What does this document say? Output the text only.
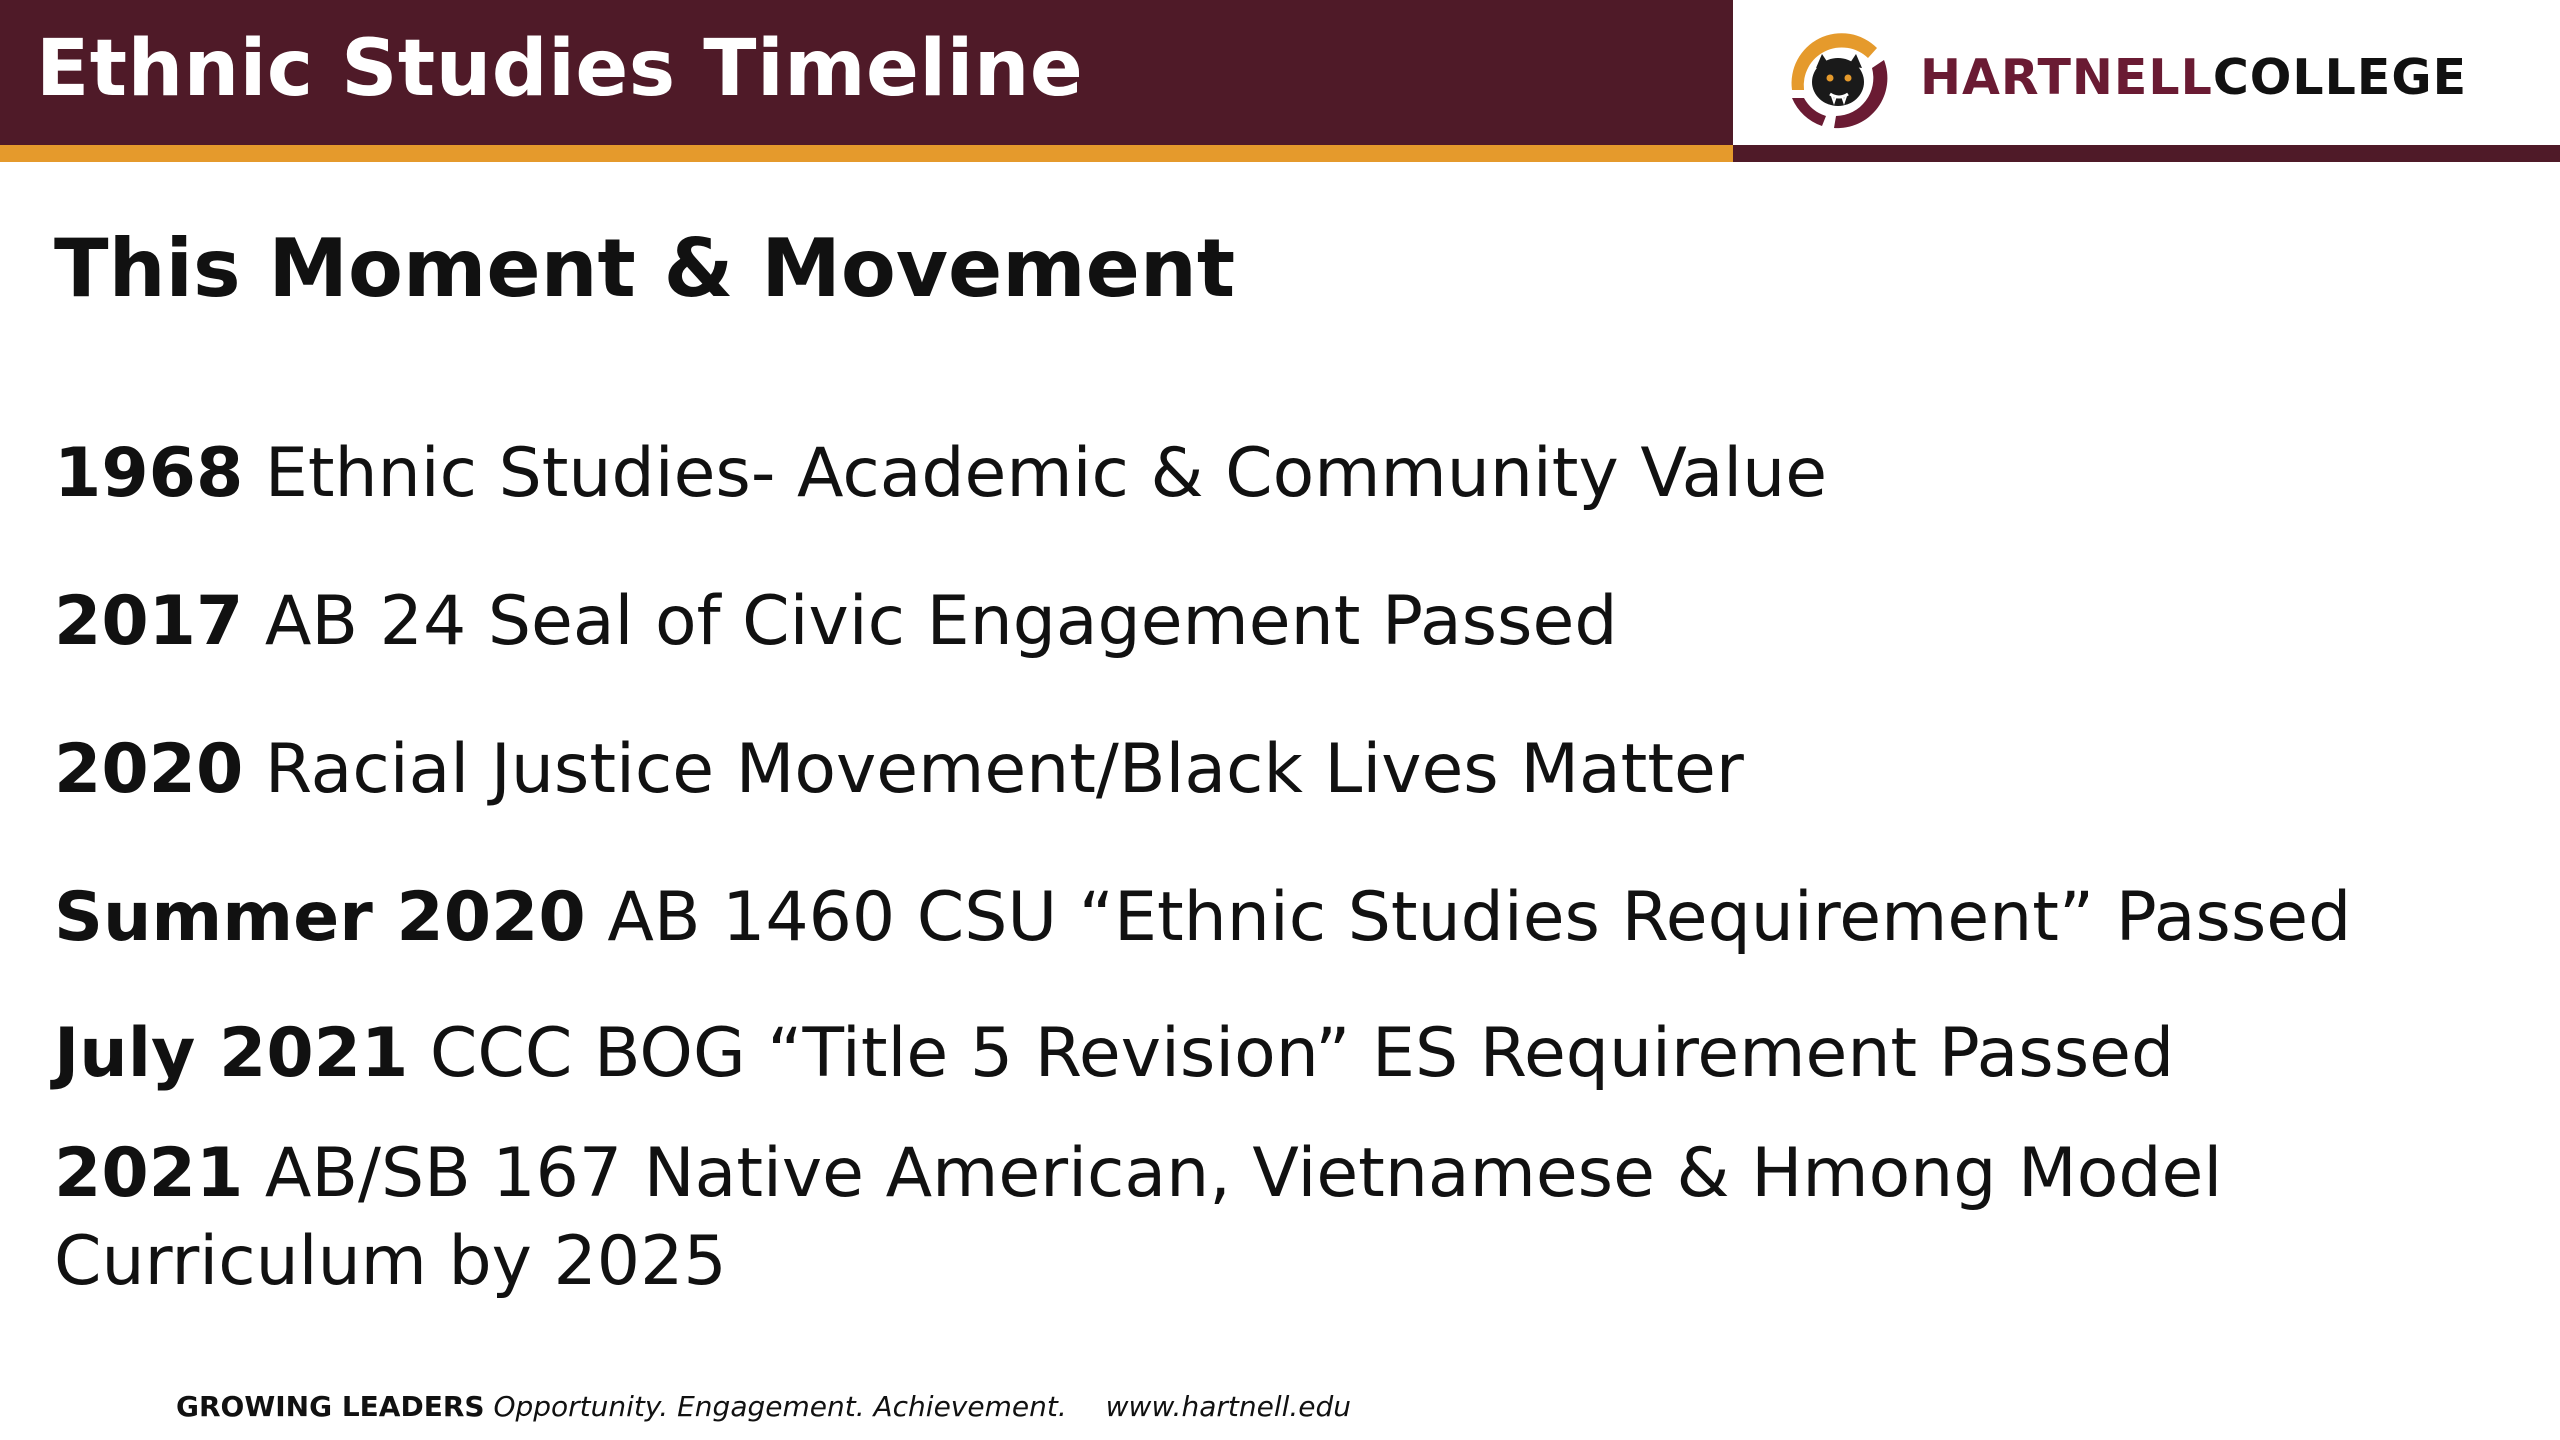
Ethnic Studies Timeline	HARTNELLCOLLEGE
This Moment & Movement
1968 Ethnic Studies- Academic & Community Value
2017 AB 24 Seal of Civic Engagement Passed
2020 Racial Justice Movement/Black Lives Matter
Summer 2020 AB 1460 CSU “Ethnic Studies Requirement” Passed
July 2021 CCC BOG “Title 5 Revision” ES Requirement Passed
2021 AB/SB 167 Native American, Vietnamese & Hmong Model Curriculum by 2025
GROWING LEADERS Opportunity. Engagement. Achievement. www.hartnell.edu
